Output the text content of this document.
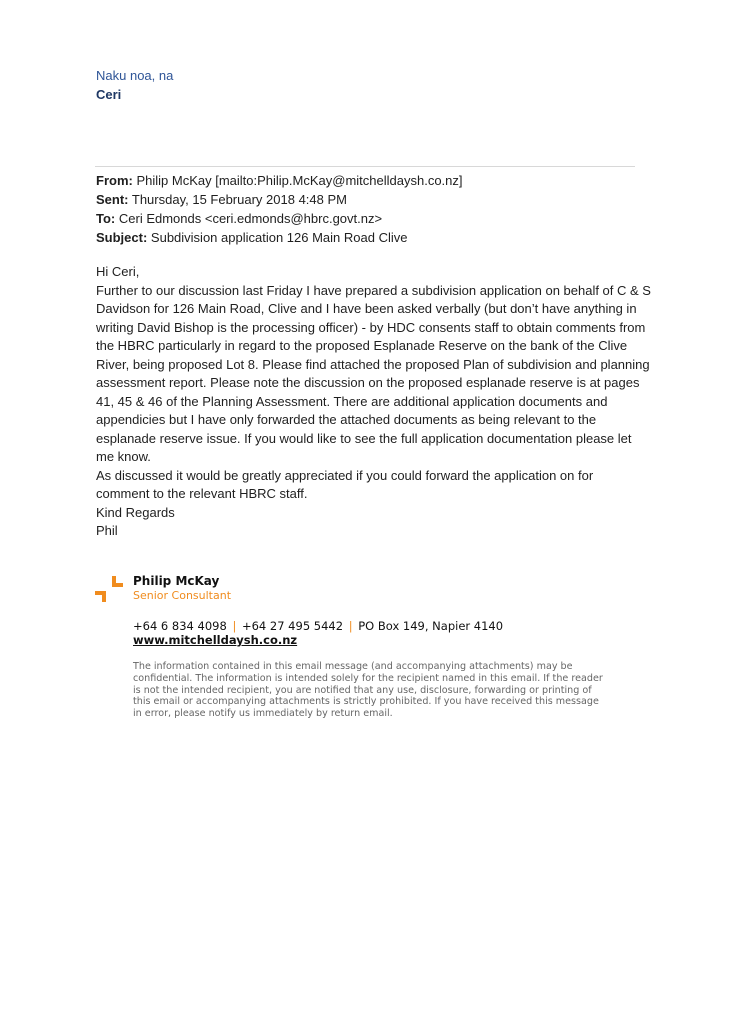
Naku noa, na
Ceri
From: Philip McKay [mailto:Philip.McKay@mitchelldaysh.co.nz]
Sent: Thursday, 15 February 2018 4:48 PM
To: Ceri Edmonds <ceri.edmonds@hbrc.govt.nz>
Subject: Subdivision application 126 Main Road Clive
Hi Ceri,
Further to our discussion last Friday I have prepared a subdivision application on behalf of C & S
Davidson for 126 Main Road, Clive and I have been asked verbally (but don’t have anything in
writing David Bishop is the processing officer) - by HDC consents staff to obtain comments from
the HBRC particularly in regard to the proposed Esplanade Reserve on the bank of the Clive
River, being proposed Lot 8. Please find attached the proposed Plan of subdivision and planning
assessment report. Please note the discussion on the proposed esplanade reserve is at pages
41, 45 & 46 of the Planning Assessment. There are additional application documents and
appendicies but I have only forwarded the attached documents as being relevant to the
esplanade reserve issue. If you would like to see the full application documentation please let
me know.
As discussed it would be greatly appreciated if you could forward the application on for
comment to the relevant HBRC staff.
Kind Regards
Phil
Philip McKay
Senior Consultant
+64 6 834 4098 | +64 27 495 5442 | PO Box 149, Napier 4140
www.mitchelldaysh.co.nz
The information contained in this email message (and accompanying attachments) may be
confidential. The information is intended solely for the recipient named in this email. If the reader
is not the intended recipient, you are notified that any use, disclosure, forwarding or printing of
this email or accompanying attachments is strictly prohibited. If you have received this message
in error, please notify us immediately by return email.
